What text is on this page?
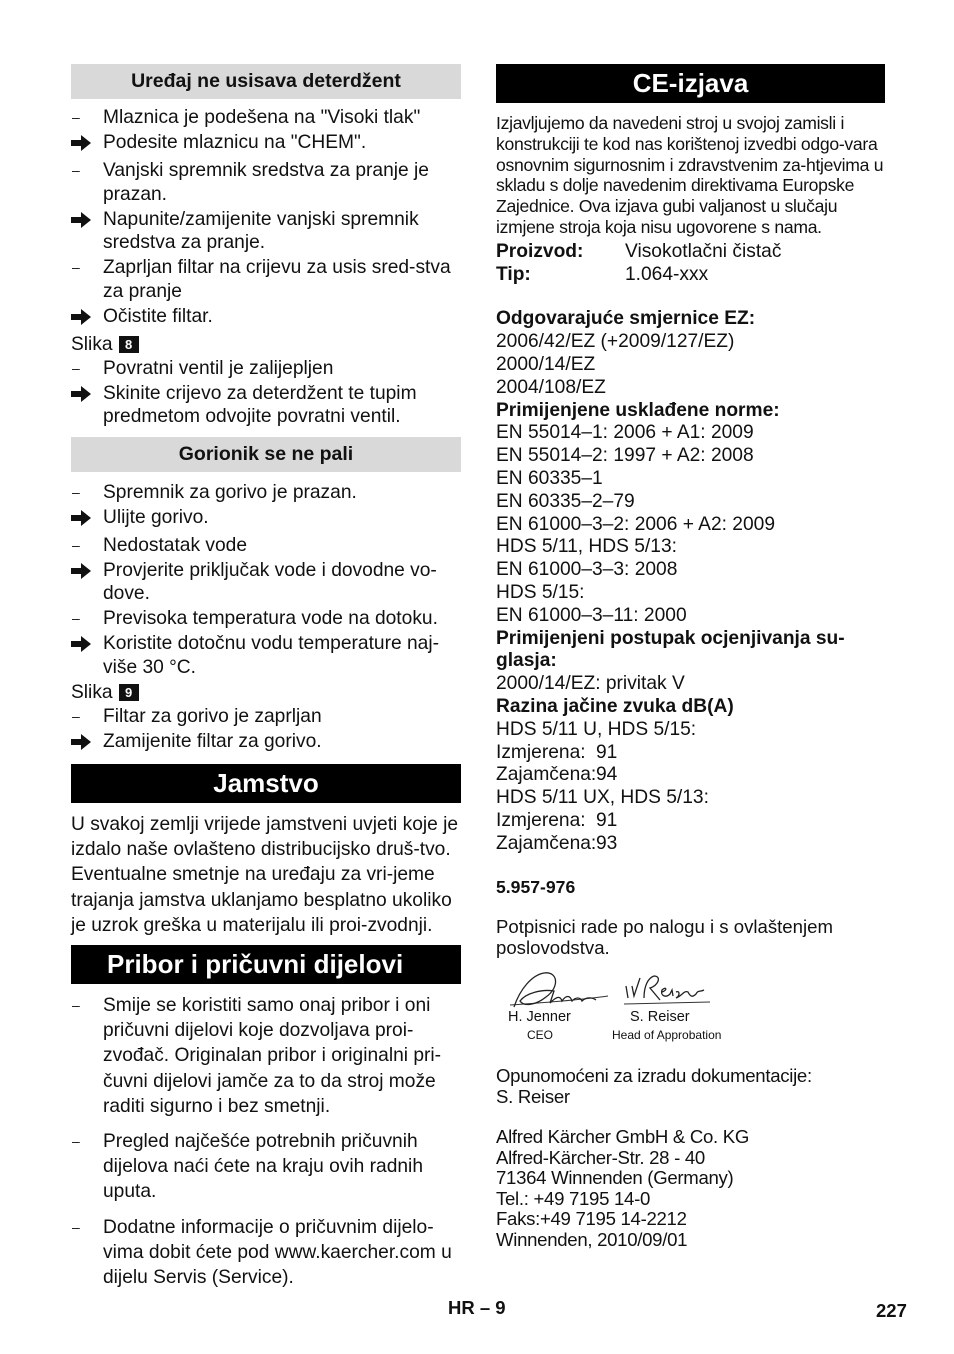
Uređaj ne usisava deterdžent
–	Mlaznica je podešena na "Visoki tlak"
Podesite mlaznicu na "CHEM".
–	Vanjski spremnik sredstva za pranje je prazan.
Napunite/zamijenite vanjski spremnik sredstva za pranje.
–	Zaprljan filtar na crijevu za usis sred-stva za pranje
Očistite filtar.
Slika 8
–	Povratni ventil je zalijepljen
Skinite crijevo za deterdžent te tupim predmetom odvojite povratni ventil.
Gorionik se ne pali
–	Spremnik za gorivo je prazan.
Ulijte gorivo.
–	Nedostatak vode
Provjerite priključak vode i dovodne vo-dove.
–	Previsoka temperatura vode na dotoku.
Koristite dotočnu vodu temperature naj-više 30 °C.
Slika 9
–	Filtar za gorivo je zaprljan
Zamijenite filtar za gorivo.
Jamstvo

U svakoj zemlji vrijede jamstveni uvjeti koje je izdalo naše ovlašteno distribucijsko druš-tvo. Eventualne smetnje na uređaju za vri-jeme trajanja jamstva uklanjamo besplatno ukoliko je uzrok greška u materijalu ili proi-zvodnji.

Pribor i pričuvni dijelovi
–	Smije se koristiti samo onaj pribor i oni pričuvni dijelovi koje dozvoljava proi-zvođač. Originalan pribor i originalni pri-čuvni dijelovi jamče za to da stroj može raditi sigurno i bez smetnji.
–	Pregled najčešće potrebnih pričuvnih dijelova naći ćete na kraju ovih radnih uputa.
–	Dodatne informacije o pričuvnim dijelo-vima dobit ćete pod www.kaercher.com u dijelu Servis (Service).
CE-izjava

Izjavljujemo da navedeni stroj u svojoj zamisli i konstrukciji te kod nas korištenoj izvedbi odgo-vara osnovnim sigurnosnim i zdravstvenim za-htjevima u skladu s dolje navedenim direktivama Europske Zajednice. Ova izjava gubi valjanost u slučaju izmjene stroja koja nisu ugovorene s nama.

Proizvod:	Visokotlačni čistač
Tip:	1.064-xxx
Odgovarajuće smjernice EZ:
2006/42/EZ (+2009/127/EZ)
2000/14/EZ
2004/108/EZ
Primijenjene usklađene norme:
EN 55014–1: 2006 + A1: 2009
EN 55014–2: 1997 + A2: 2008
EN 60335–1
EN 60335–2–79
EN 61000–3–2: 2006 + A2: 2009
HDS 5/11, HDS 5/13:
EN 61000–3–3: 2008
HDS 5/15:
EN 61000–3–11: 2000
Primijenjeni postupak ocjenjivanja su-
glasja:
2000/14/EZ: privitak V
Razina jačine zvuka dB(A)
HDS 5/11 U, HDS 5/15:
Izmjerena: 91
Zajamčena: 94
HDS 5/11 UX, HDS 5/13:
Izmjerena: 91
Zajamčena: 93
5.957-976

Potpisnici rade po nalogu i s ovlaštenjem poslovodstva.

H. Jenner
CEO
S. Reiser
Head of Approbation
Opunomoćeni za izradu dokumentacije:
S. Reiser
Alfred Kärcher GmbH & Co. KG
Alfred-Kärcher-Str. 28 - 40
71364 Winnenden (Germany)
Tel.: +49 7195 14-0
Faks:+49 7195 14-2212
Winnenden, 2010/09/01
HR – 9	227
